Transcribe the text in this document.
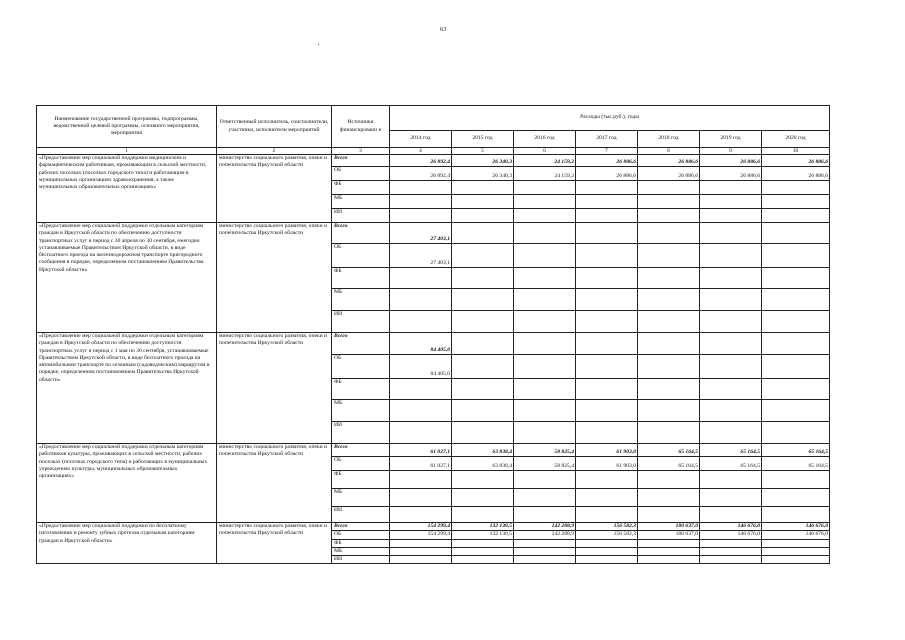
63
Наименование государственной программы, подпрограммы, ведомственной целевой программы, основного мероприятия, мероприятия	Ответственный исполнитель, соисполнители, участники, исполнители мероприятий	Источники финансировани я	Расходы (тыс.руб.), годы						
			2014 год	2015 год	2016 год	2017 год	2018 год	2019 год	2020 год
1	2	3	4	5	6	7	8	9	10
«Предоставление мер социальной поддержки медицинским и фармацевтическим работникам, проживающим в сельской местности, рабочих поселках (поселках городского типа) и работающим в муниципальных организациях здравоохранения, а также муниципальных образовательных организациях»	министерство социального развития, опеки и попечительства Иркутской области	Всего	26 892,4	26 340,3	24 159,2	26 886,6	26 886,6	26 886,6	26 886,6
		ОБ	26 892,4	26 340,3	24 159,2	26 886,6	26 886,6	26 886,6	26 886,6
		ФБ							
		МБ							
		ИИ							
«Предоставление мер социальной поддержки отдельным категориям граждан в Иркутской области по обеспечению доступности транспортных услуг в период с 30 апреля по 30 сентября, ежегодно устанавливаемые Правительством Иркутской области, в виде бесплатного проезда на железнодорожном транспорте пригородного сообщения в порядке, определенном постановлением Правительства Иркутской области»	министерство социального развития, опеки и попечительства Иркутской области	Всего	27 403,1						
		ОБ	27 403,1						
		ФБ							
		МБ							
		ИИ							
«Предоставление мер социальной поддержки отдельным категориям граждан в Иркутской области по обеспечению доступности транспортных услуг в период с 1 мая по 30 сентября, устанавливаемые Правительством Иркутской области, в виде бесплатного проезда на автомобильном транспорте по сезонным (садоводческим) маршрутам в порядке, определенном постановлением Правительства Иркутской области»	министерство социального развития, опеки и попечительства Иркутской области	Всего	84 405,0						
		ОБ	84 405,0						
		ФБ							
		МБ							
		ИИ							
«Предоставление мер социальной поддержки отдельным категориям работников культуры, проживающих в сельской местности, рабочих поселках (поселках городского типа) и работающих в муниципальных учреждениях культуры, муниципальных образовательных организациях»	министерство социального развития, опеки и попечительства Иркутской области	Всего	61 027,1	63 838,4	58 825,4	61 903,0	65 164,5	65 164,5	65 164,5
		ОБ	61 027,1	63 838,4	58 825,4	61 903,0	65 164,5	65 164,5	65 164,5
		ФБ							
		МБ							
		ИИ							
«Предоставление мер социальной поддержки по бесплатному изготовлению и ремонту зубных протезов отдельным категориям граждан в Иркутской области»	министерство социального развития, опеки и попечительства Иркутской области	Всего	154 299,4	132 130,5	142 288,9	156 582,3	180 637,0	146 676,0	146 676,0
		ОБ	154 299,4	132 130,5	142 288,9	156 582,3	180 637,0	146 676,0	146 676,0
		ФБ							
		МБ							
		ИИ							
